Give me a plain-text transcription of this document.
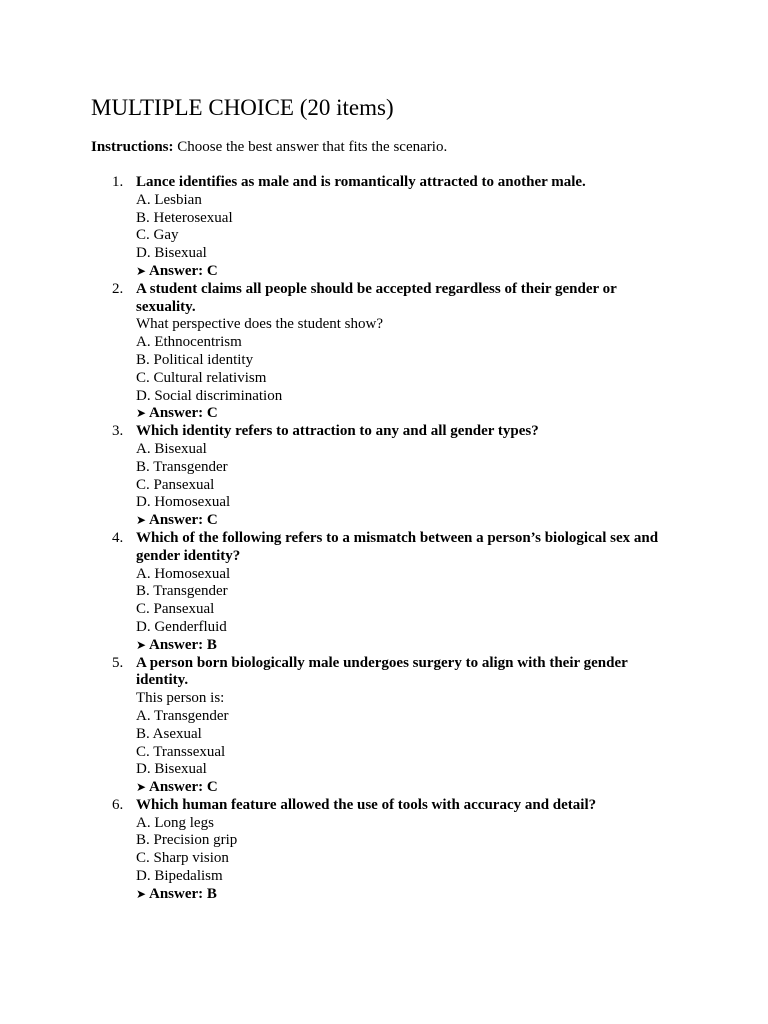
MULTIPLE CHOICE (20 items)

Instructions: Choose the best answer that fits the scenario.

1. Lance identifies as male and is romantically attracted to another male.
A. Lesbian
B. Heterosexual
C. Gay
D. Bisexual
➤ Answer: C
2. A student claims all people should be accepted regardless of their gender or sexuality.
What perspective does the student show?
A. Ethnocentrism
B. Political identity
C. Cultural relativism
D. Social discrimination
➤ Answer: C
3. Which identity refers to attraction to any and all gender types?
A. Bisexual
B. Transgender
C. Pansexual
D. Homosexual
➤ Answer: C
4. Which of the following refers to a mismatch between a person’s biological sex and gender identity?
A. Homosexual
B. Transgender
C. Pansexual
D. Genderfluid
➤ Answer: B
5. A person born biologically male undergoes surgery to align with their gender identity.
This person is:
A. Transgender
B. Asexual
C. Transsexual
D. Bisexual
➤ Answer: C
6. Which human feature allowed the use of tools with accuracy and detail?
A. Long legs
B. Precision grip
C. Sharp vision
D. Bipedalism
➤ Answer: B
